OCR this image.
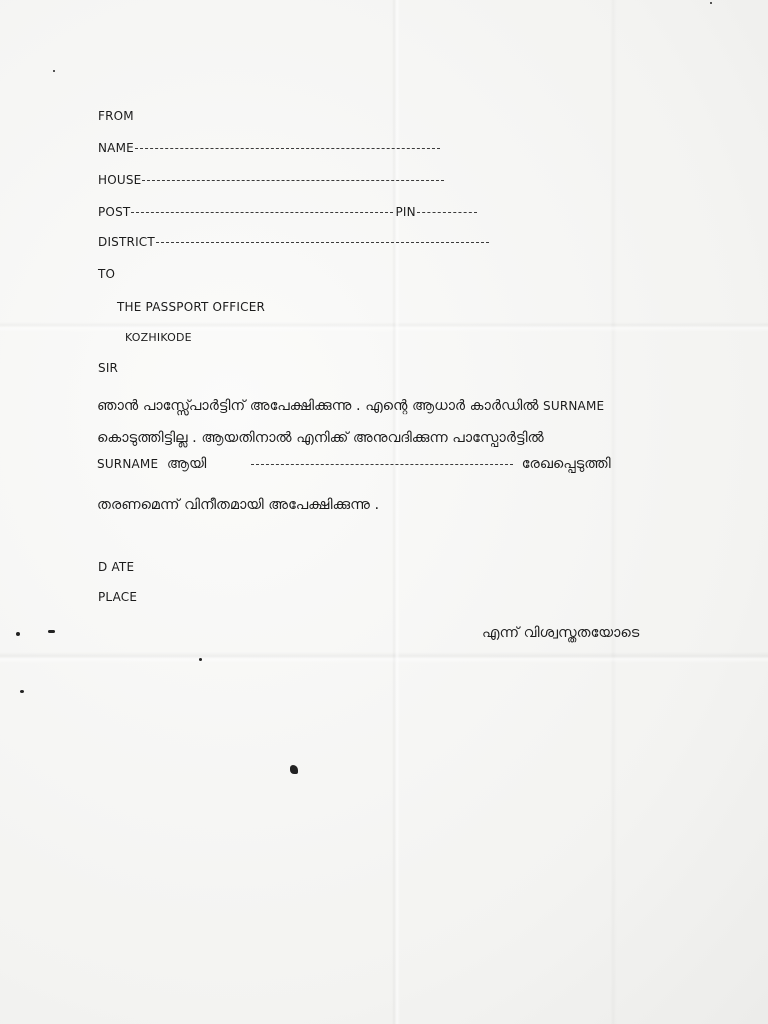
FROM
NAME
HOUSE
POST	PIN
DISTRICT
TO
THE PASSPORT OFFICER
KOZHIKODE
SIR
ഞാൻ പാസ്സ്പോർട്ടിന് അപേക്ഷിക്കുന്നു . എന്റെ ആധാർ കാർഡിൽ SURNAME
കൊടുത്തിട്ടില്ല . ആയതിനാൽ എനിക്ക് അനുവദിക്കുന്ന പാസ്പോർട്ടിൽ
SURNAME ആയി	രേഖപ്പെടുത്തി
തരണമെന്ന് വിനീതമായി അപേക്ഷിക്കുന്നു .
D ATE
PLACE
എന്ന് വിശ്വസ്തതയോടെ
